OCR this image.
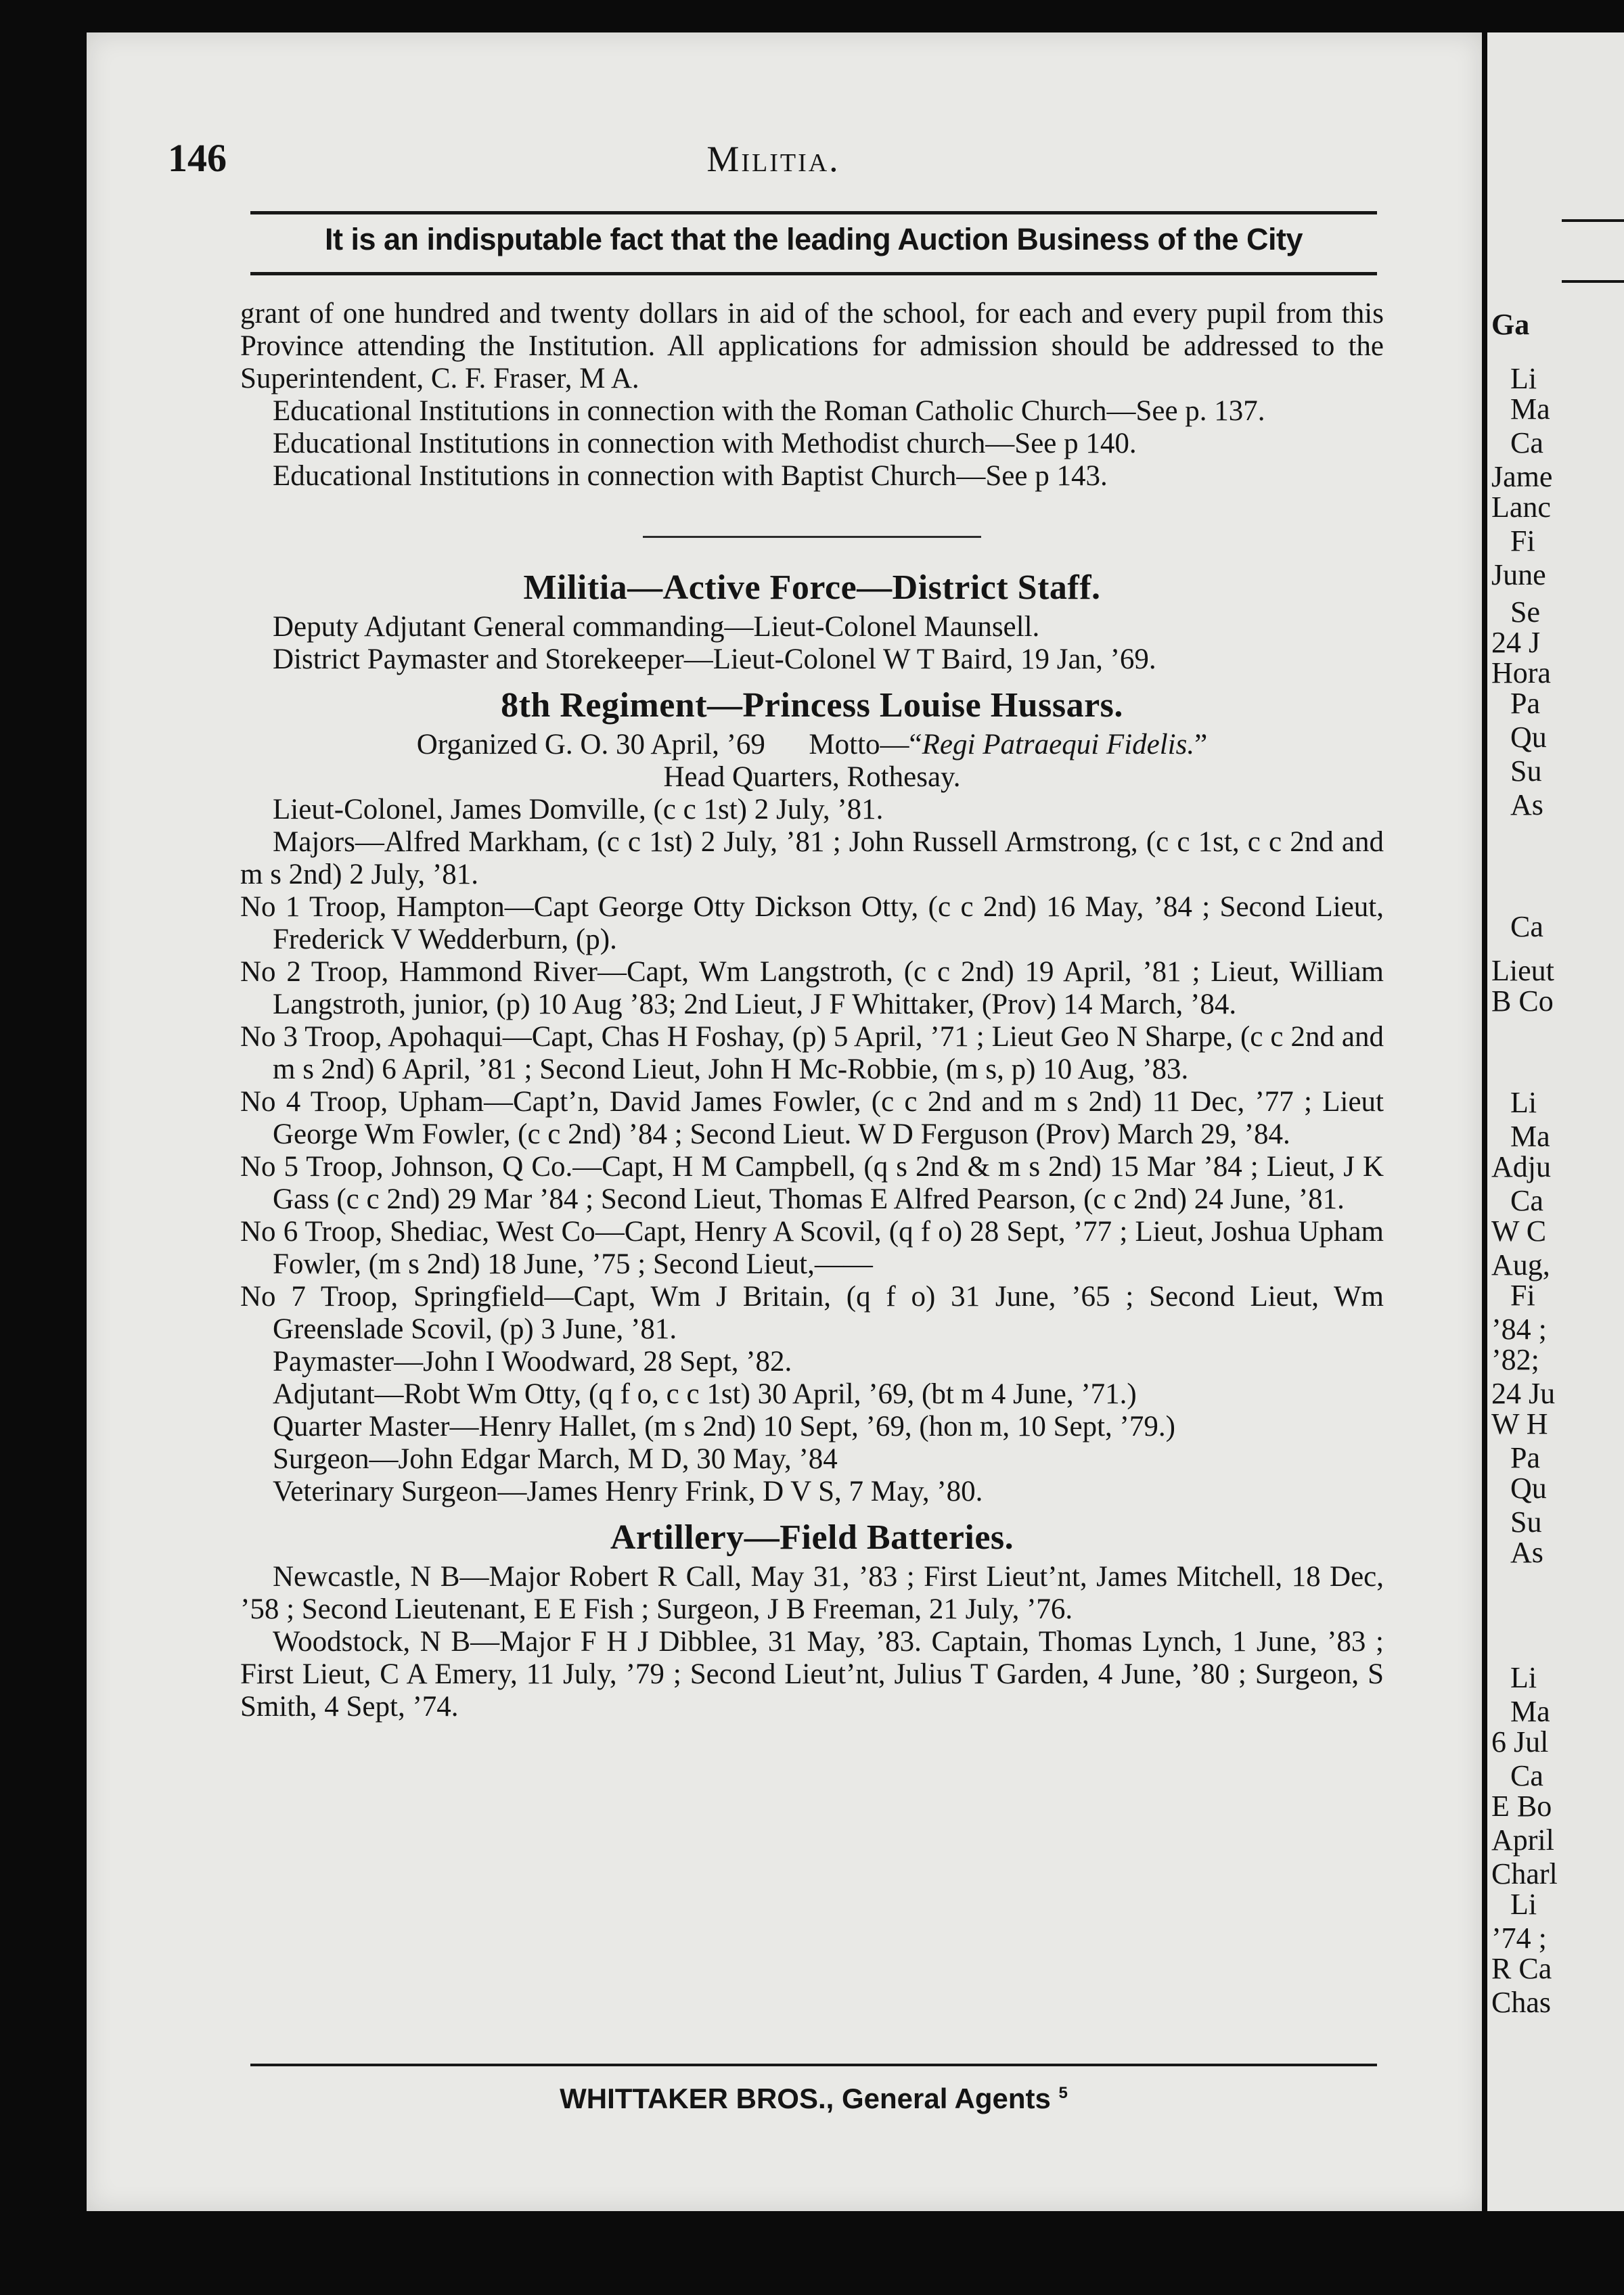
146	Militia.
It is an indisputable fact that the leading Auction Business of the City

grant of one hundred and twenty dollars in aid of the school, for each and every pupil from this Province attending the Institution. All applications for admission should be addressed to the Superintendent, C. F. Fraser, M A.

Educational Institutions in connection with the Roman Catholic Church—See p. 137.

Educational Institutions in connection with Methodist church—See p 140.

Educational Institutions in connection with Baptist Church—See p 143.

Militia—Active Force—District Staff.

Deputy Adjutant General commanding—Lieut-Colonel Maunsell.

District Paymaster and Storekeeper—Lieut-Colonel W T Baird, 19 Jan, ’69.

8th Regiment—Princess Louise Hussars.

Organized G. O. 30 April, ’69 Motto—“Regi Patraequi Fidelis.”

Head Quarters, Rothesay.

Lieut-Colonel, James Domville, (c c 1st) 2 July, ’81.

Majors—Alfred Markham, (c c 1st) 2 July, ’81 ; John Russell Armstrong, (c c 1st, c c 2nd and m s 2nd) 2 July, ’81.

No 1 Troop, Hampton—Capt George Otty Dickson Otty, (c c 2nd) 16 May, ’84 ; Second Lieut, Frederick V Wedderburn, (p).

No 2 Troop, Hammond River—Capt, Wm Langstroth, (c c 2nd) 19 April, ’81 ; Lieut, William Langstroth, junior, (p) 10 Aug ’83; 2nd Lieut, J F Whittaker, (Prov) 14 March, ’84.

No 3 Troop, Apohaqui—Capt, Chas H Foshay, (p) 5 April, ’71 ; Lieut Geo N Sharpe, (c c 2nd and m s 2nd) 6 April, ’81 ; Second Lieut, John H Mc-Robbie, (m s, p) 10 Aug, ’83.

No 4 Troop, Upham—Capt’n, David James Fowler, (c c 2nd and m s 2nd) 11 Dec, ’77 ; Lieut George Wm Fowler, (c c 2nd) ’84 ; Second Lieut. W D Ferguson (Prov) March 29, ’84.

No 5 Troop, Johnson, Q Co.—Capt, H M Campbell, (q s 2nd & m s 2nd) 15 Mar ’84 ; Lieut, J K Gass (c c 2nd) 29 Mar ’84 ; Second Lieut, Thomas E Alfred Pearson, (c c 2nd) 24 June, ’81.

No 6 Troop, Shediac, West Co—Capt, Henry A Scovil, (q f o) 28 Sept, ’77 ; Lieut, Joshua Upham Fowler, (m s 2nd) 18 June, ’75 ; Second Lieut,——

No 7 Troop, Springfield—Capt, Wm J Britain, (q f o) 31 June, ’65 ; Second Lieut, Wm Greenslade Scovil, (p) 3 June, ’81.

Paymaster—John I Woodward, 28 Sept, ’82.

Adjutant—Robt Wm Otty, (q f o, c c 1st) 30 April, ’69, (bt m 4 June, ’71.)

Quarter Master—Henry Hallet, (m s 2nd) 10 Sept, ’69, (hon m, 10 Sept, ’79.)

Surgeon—John Edgar March, M D, 30 May, ’84

Veterinary Surgeon—James Henry Frink, D V S, 7 May, ’80.

Artillery—Field Batteries.

Newcastle, N B—Major Robert R Call, May 31, ’83 ; First Lieut’nt, James Mitchell, 18 Dec, ’58 ; Second Lieutenant, E E Fish ; Surgeon, J B Freeman, 21 July, ’76.

Woodstock, N B—Major F H J Dibblee, 31 May, ’83. Captain, Thomas Lynch, 1 June, ’83 ; First Lieut, C A Emery, 11 July, ’79 ; Second Lieut’nt, Julius T Garden, 4 June, ’80 ; Surgeon, S Smith, 4 Sept, ’74.

WHITTAKER BROS., General Agents $^5$
Ga
Li
Ma
Ca
Jame
Lanc
Fi
June
Se
24 J
Hora
Pa
Qu
Su
As
Ca
Lieut
B Co
Li
Ma
Adju
Ca
W C
Aug,
Fi
’84 ;
’82;
24 Ju
W H
Pa
Qu
Su
As
Li
Ma
6 Jul
Ca
E Bo
April
Charl
Li
’74 ;
R Ca
Chas
